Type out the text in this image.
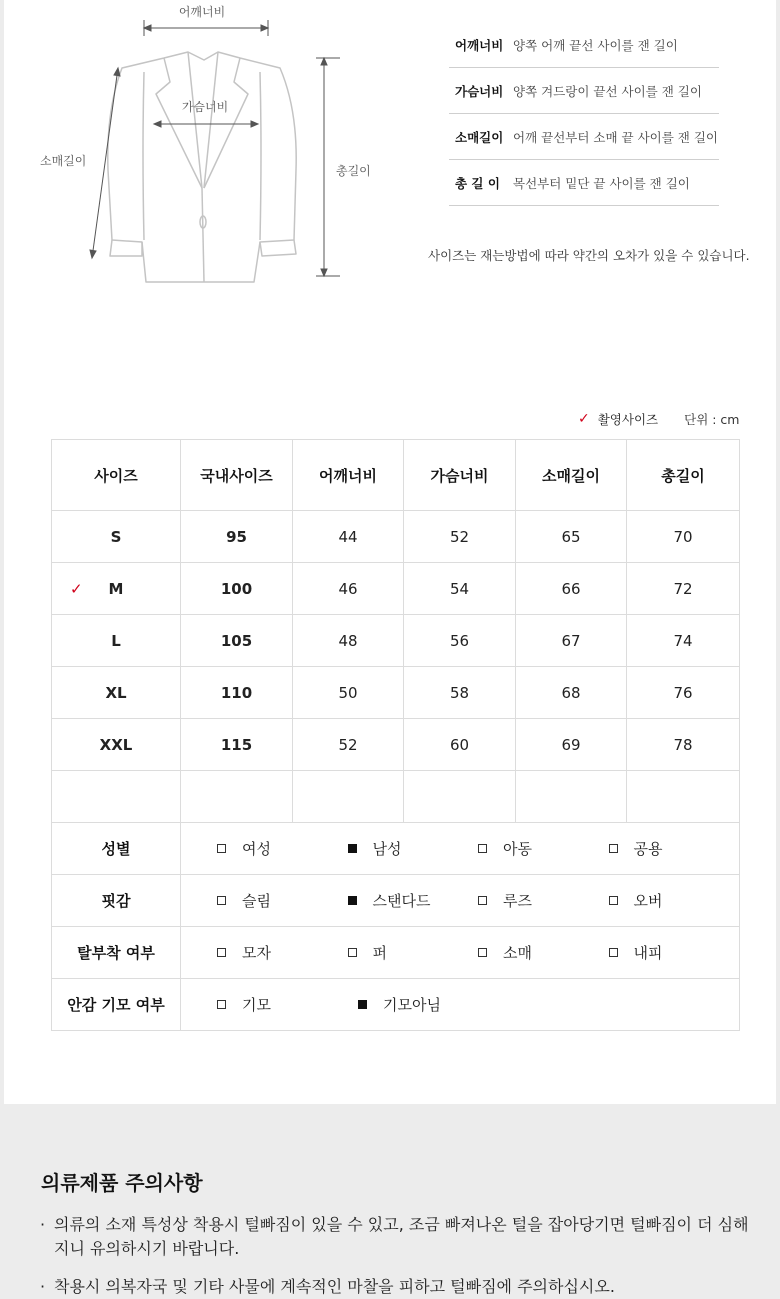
어깨너비
가슴너비
소매길이
총길이
어깨너비 양쪽 어깨 끝선 사이를 잰 길이
가슴너비 양쪽 겨드랑이 끝선 사이를 잰 길이
소매길이 어깨 끝선부터 소매 끝 사이를 잰 길이
총 길 이	목선부터 밑단 끝 사이를 잰 길이
사이즈는 재는방법에 따라 약간의 오차가 있을 수 있습니다.
✓ 촬영사이즈 단위 : cm
사이즈	국내사이즈	어깨너비	가슴너비	소매길이	총길이
S	95	44	52	65	70

✓ M	100	46	54	66	72
L	105	48	56	67	74
XL	110	50	58	68	76
XXL	115	52	60	69	78

성별	여성 남성 아동 공용				

핏감	슬림 스탠다드 루즈 오버				

탈부착 여부	모자 퍼 소매 내피				

안감 기모 여부	기모 기모아님				
의류제품 주의사항
· 의류의 소재 특성상 착용시 털빠짐이 있을 수 있고, 조금 빠져나온 털을 잡아당기면 털빠짐이 더 심해지니 유의하시기 바랍니다.
· 착용시 의복자국 및 기타 사물에 계속적인 마찰을 피하고 털빠짐에 주의하십시오.
